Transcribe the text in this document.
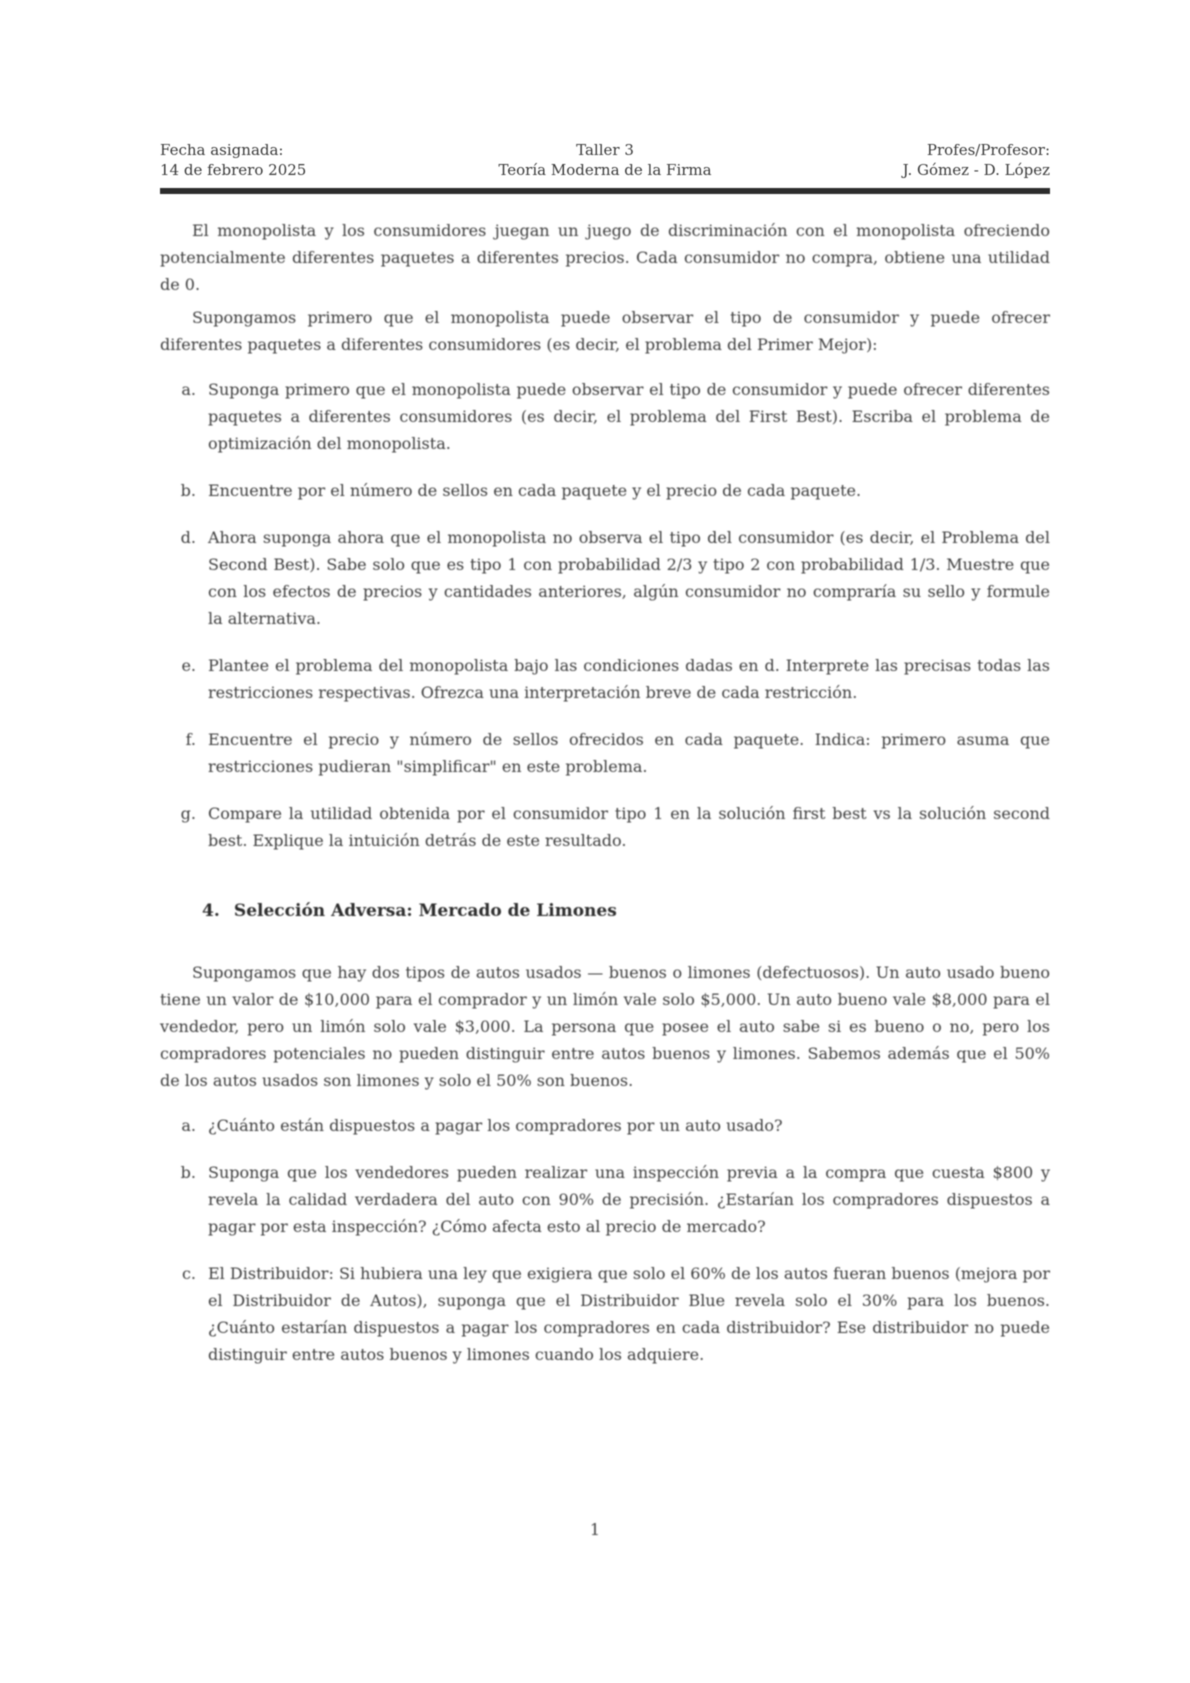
Fecha asignada:	Taller 3	Profes/Profesor:
14 de febrero 2025	Teoría Moderna de la Firma	J. Gómez - D. López

El monopolista y los consumidores juegan un juego de discriminación con el monopolista ofreciendo potencialmente diferentes paquetes a diferentes precios. Cada consumidor no compra, obtiene una utilidad de 0.

Supongamos primero que el monopolista puede observar el tipo de consumidor y puede ofrecer diferentes paquetes a diferentes consumidores (es decir, el problema del Primer Mejor):

a. Suponga primero que el monopolista puede observar el tipo de consumidor y puede ofrecer diferentes paquetes a diferentes consumidores (es decir, el problema del First Best). Escriba el problema de optimización del monopolista.
b. Encuentre por el número de sellos en cada paquete y el precio de cada paquete.
d. Ahora suponga ahora que el monopolista no observa el tipo del consumidor (es decir, el Problema del Second Best). Sabe solo que es tipo 1 con probabilidad 2/3 y tipo 2 con probabilidad 1/3. Muestre que con los efectos de precios y cantidades anteriores, algún consumidor no compraría su sello y formule la alternativa.
e. Plantee el problema del monopolista bajo las condiciones dadas en d. Interprete las precisas todas las restricciones respectivas. Ofrezca una interpretación breve de cada restricción.
f. Encuentre el precio y número de sellos ofrecidos en cada paquete. Indica: primero asuma que restricciones pudieran "simplificar" en este problema.
g. Compare la utilidad obtenida por el consumidor tipo 1 en la solución first best vs la solución second best. Explique la intuición detrás de este resultado.
4. Selección Adversa: Mercado de Limones

Supongamos que hay dos tipos de autos usados — buenos o limones (defectuosos). Un auto usado bueno tiene un valor de $10,000 para el comprador y un limón vale solo $5,000. Un auto bueno vale $8,000 para el vendedor, pero un limón solo vale $3,000. La persona que posee el auto sabe si es bueno o no, pero los compradores potenciales no pueden distinguir entre autos buenos y limones. Sabemos además que el 50% de los autos usados son limones y solo el 50% son buenos.

a. ¿Cuánto están dispuestos a pagar los compradores por un auto usado?
b. Suponga que los vendedores pueden realizar una inspección previa a la compra que cuesta $800 y revela la calidad verdadera del auto con 90% de precisión. ¿Estarían los compradores dispuestos a pagar por esta inspección? ¿Cómo afecta esto al precio de mercado?
c. El Distribuidor: Si hubiera una ley que exigiera que solo el 60% de los autos fueran buenos (mejora por el Distribuidor de Autos), suponga que el Distribuidor Blue revela solo el 30% para los buenos. ¿Cuánto estarían dispuestos a pagar los compradores en cada distribuidor? Ese distribuidor no puede distinguir entre autos buenos y limones cuando los adquiere.
1
